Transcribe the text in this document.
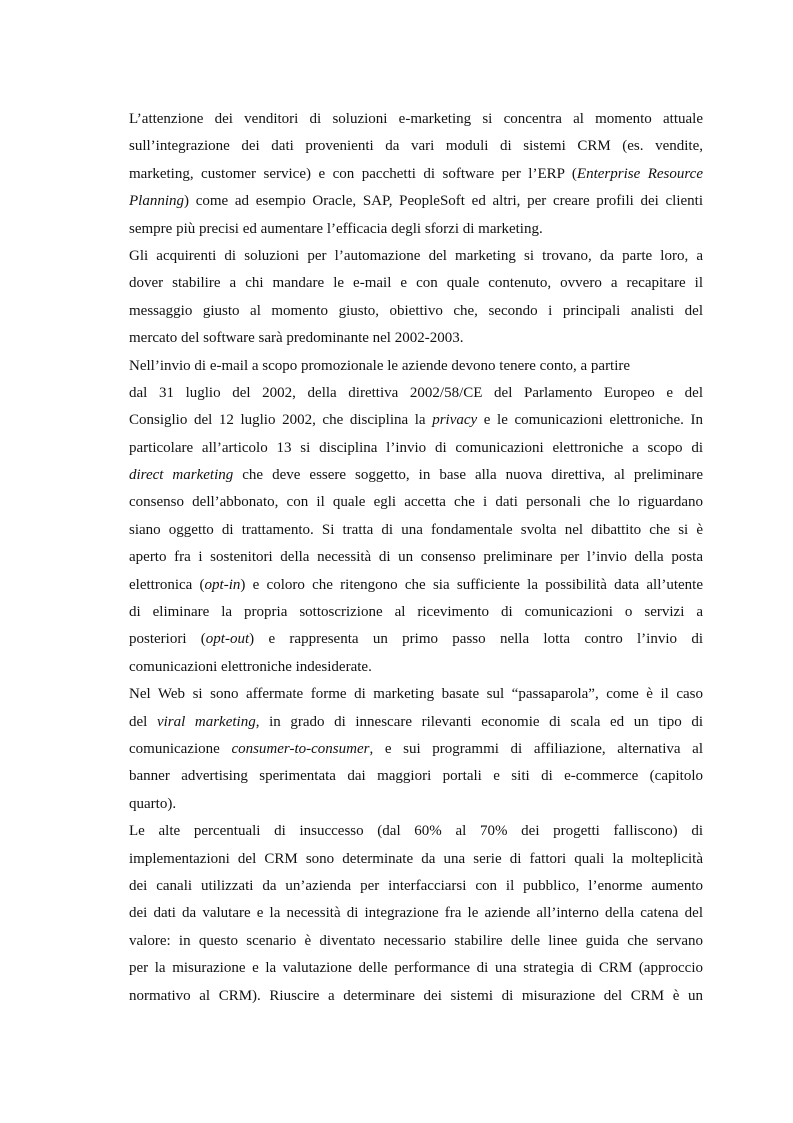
L’attenzione dei venditori di soluzioni e-marketing si concentra al momento attuale
sull’integrazione dei dati provenienti da vari moduli di sistemi CRM (es. vendite,
marketing, customer service) e con pacchetti di software per l’ERP (Enterprise Resource
Planning) come ad esempio Oracle, SAP, PeopleSoft ed altri, per creare profili dei clienti
sempre più precisi ed aumentare l’efficacia degli sforzi di marketing.
Gli acquirenti di soluzioni per l’automazione del marketing si trovano, da parte loro, a
dover stabilire a chi mandare le e-mail e con quale contenuto, ovvero a recapitare il
messaggio giusto al momento giusto, obiettivo che, secondo i principali analisti del
mercato del software sarà predominante nel 2002-2003.
Nell’invio di e-mail a scopo promozionale le aziende devono tenere conto, a partire
dal 31 luglio del 2002, della direttiva 2002/58/CE del Parlamento Europeo e del
Consiglio del 12 luglio 2002, che disciplina la privacy e le comunicazioni elettroniche. In
particolare all’articolo 13 si disciplina l’invio di comunicazioni elettroniche a scopo di
direct marketing che deve essere soggetto, in base alla nuova direttiva, al preliminare
consenso dell’abbonato, con il quale egli accetta che i dati personali che lo riguardano
siano oggetto di trattamento. Si tratta di una fondamentale svolta nel dibattito che si è
aperto fra i sostenitori della necessità di un consenso preliminare per l’invio della posta
elettronica (opt-in) e coloro che ritengono che sia sufficiente la possibilità data all’utente
di eliminare la propria sottoscrizione al ricevimento di comunicazioni o servizi a
posteriori (opt-out) e rappresenta un primo passo nella lotta contro l’invio di
comunicazioni elettroniche indesiderate.
Nel Web si sono affermate forme di marketing basate sul “passaparola”, come è il caso
del viral marketing, in grado di innescare rilevanti economie di scala ed un tipo di
comunicazione consumer-to-consumer, e sui programmi di affiliazione, alternativa al
banner advertising sperimentata dai maggiori portali e siti di e-commerce (capitolo
quarto).
Le alte percentuali di insuccesso (dal 60% al 70% dei progetti falliscono) di
implementazioni del CRM sono determinate da una serie di fattori quali la molteplicità
dei canali utilizzati da un’azienda per interfacciarsi con il pubblico, l’enorme aumento
dei dati da valutare e la necessità di integrazione fra le aziende all’interno della catena del
valore: in questo scenario è diventato necessario stabilire delle linee guida che servano
per la misurazione e la valutazione delle performance di una strategia di CRM (approccio
normativo al CRM). Riuscire a determinare dei sistemi di misurazione del CRM è un
